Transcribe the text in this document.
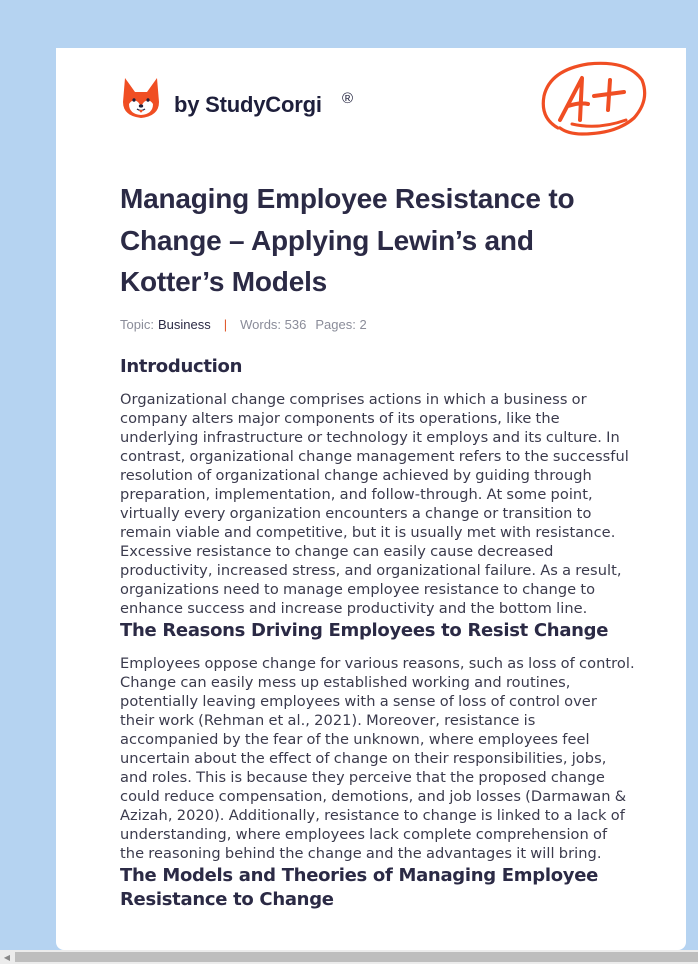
by StudyCorgi ®
Managing Employee Resistance to Change – Applying Lewin’s and Kotter’s Models
Topic: Business | Words: 536 Pages: 2
Introduction

Organizational change comprises actions in which a business or company alters major components of its operations, like the underlying infrastructure or technology it employs and its culture. In contrast, organizational change management refers to the successful resolution of organizational change achieved by guiding through preparation, implementation, and follow-through. At some point, virtually every organization encounters a change or transition to remain viable and competitive, but it is usually met with resistance. Excessive resistance to change can easily cause decreased productivity, increased stress, and organizational failure. As a result, organizations need to manage employee resistance to change to enhance success and increase productivity and the bottom line.

The Reasons Driving Employees to Resist Change

Employees oppose change for various reasons, such as loss of control. Change can easily mess up established working and routines, potentially leaving employees with a sense of loss of control over their work (Rehman et al., 2021). Moreover, resistance is accompanied by the fear of the unknown, where employees feel uncertain about the effect of change on their responsibilities, jobs, and roles. This is because they perceive that the proposed change could reduce compensation, demotions, and job losses (Darmawan & Azizah, 2020). Additionally, resistance to change is linked to a lack of understanding, where employees lack complete comprehension of the reasoning behind the change and the advantages it will bring.

The Models and Theories of Managing Employee Resistance to Change
◀
